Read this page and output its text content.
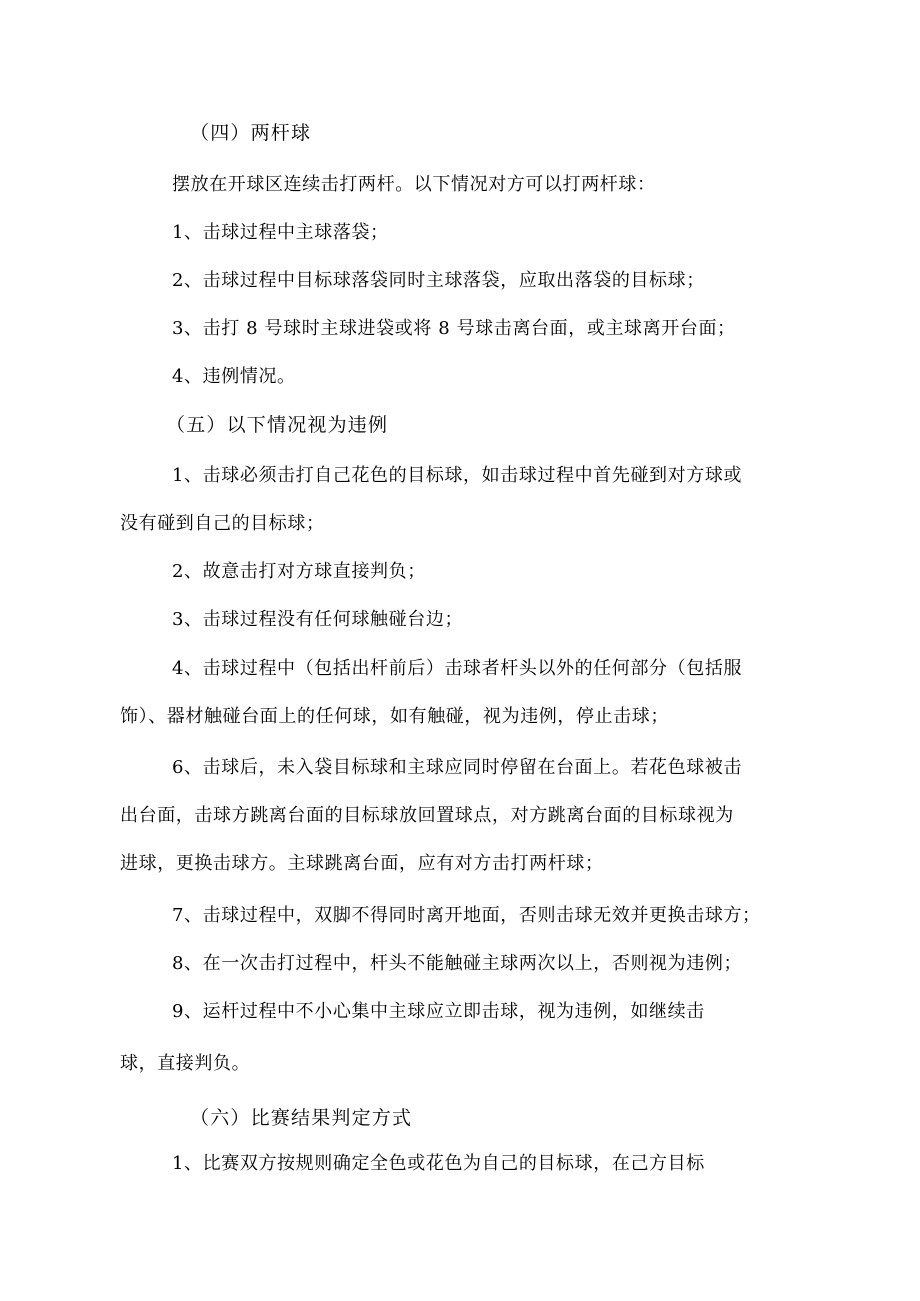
（四）两杆球
摆放在开球区连续击打两杆。以下情况对方可以打两杆球：
1、击球过程中主球落袋；
2、击球过程中目标球落袋同时主球落袋，应取出落袋的目标球；
3、击打 8 号球时主球进袋或将 8 号球击离台面，或主球离开台面；
4、违例情况。
（五）以下情况视为违例
1、击球必须击打自己花色的目标球，如击球过程中首先碰到对方球或
没有碰到自己的目标球；
2、故意击打对方球直接判负；
3、击球过程没有任何球触碰台边；
4、击球过程中（包括出杆前后）击球者杆头以外的任何部分（包括服
饰）、器材触碰台面上的任何球，如有触碰，视为违例，停止击球；
6、击球后，未入袋目标球和主球应同时停留在台面上。若花色球被击
出台面，击球方跳离台面的目标球放回置球点，对方跳离台面的目标球视为
进球，更换击球方。主球跳离台面，应有对方击打两杆球；
7、击球过程中，双脚不得同时离开地面，否则击球无效并更换击球方；
8、在一次击打过程中，杆头不能触碰主球两次以上，否则视为违例；
9、运杆过程中不小心集中主球应立即击球，视为违例，如继续击
球，直接判负。
（六）比赛结果判定方式
1、比赛双方按规则确定全色或花色为自己的目标球，在己方目标
